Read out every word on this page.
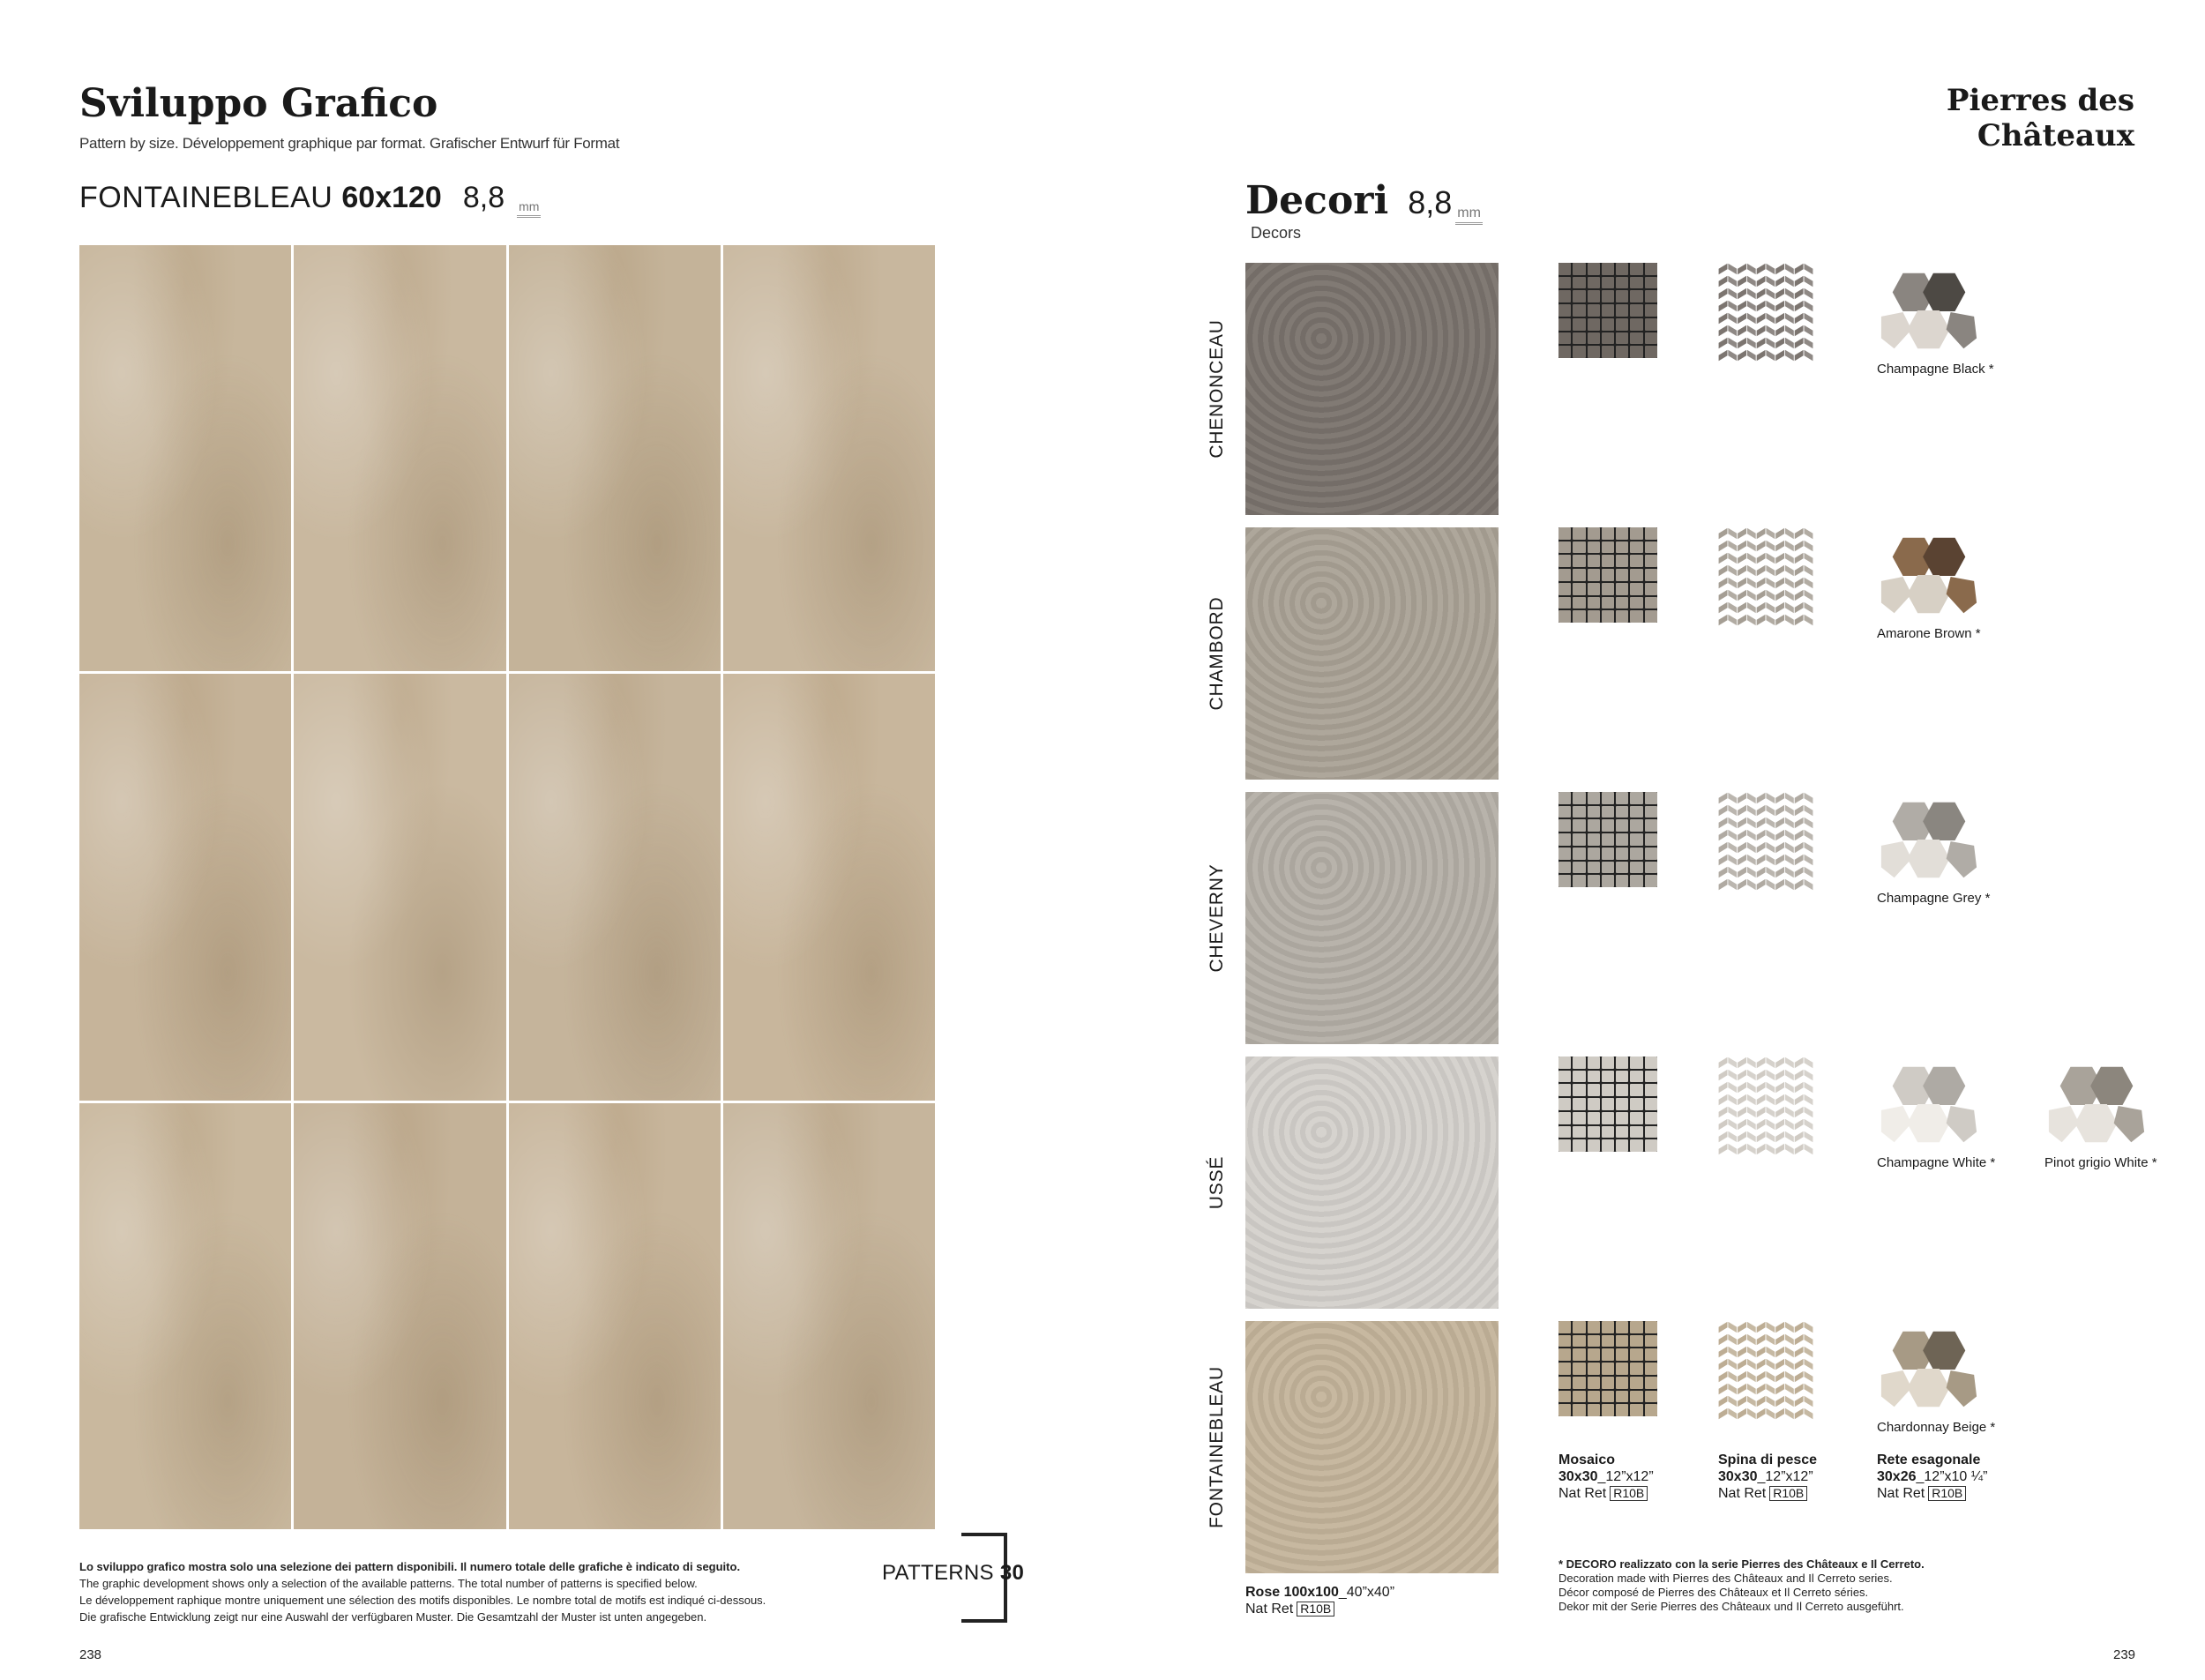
Sviluppo Grafico
Pattern by size. Développement graphique par format. Grafischer Entwurf für Format
FONTAINEBLEAU 60x120 8,8 mm
Lo sviluppo grafico mostra solo una selezione dei pattern disponibili. Il numero totale delle grafiche è indicato di seguito.
The graphic development shows only a selection of the available patterns. The total number of patterns is specified below.
Le développement raphique montre uniquement une sélection des motifs disponibles. Le nombre total de motifs est indiqué ci-dessous.
Die grafische Entwicklung zeigt nur eine Auswahl der verfügbaren Muster. Die Gesamtzahl der Muster ist unten angegeben.
PATTERNS 30
238
Pierres des Châteaux
Decori 8,8 mm
Decors
CHENONCEAU	Champagne Black *
CHAMBORD	Amarone Brown *
CHEVERNY	Champagne Grey *
USSÉ	Champagne White *	Pinot grigio White *
FONTAINEBLEAU	Chardonnay Beige *
Rose 100x100_40”x40”
Nat Ret R10B
Mosaico
30x30_12”x12”
Nat Ret R10B
Spina di pesce
30x30_12”x12”
Nat Ret R10B
Rete esagonale
30x26_12”x10 ¼”
Nat Ret R10B
* DECORO realizzato con la serie Pierres des Châteaux e Il Cerreto.
Decoration made with Pierres des Châteaux and Il Cerreto series.
Décor composé de Pierres des Châteaux et Il Cerreto séries.
Dekor mit der Serie Pierres des Châteaux und Il Cerreto ausgeführt.
239
